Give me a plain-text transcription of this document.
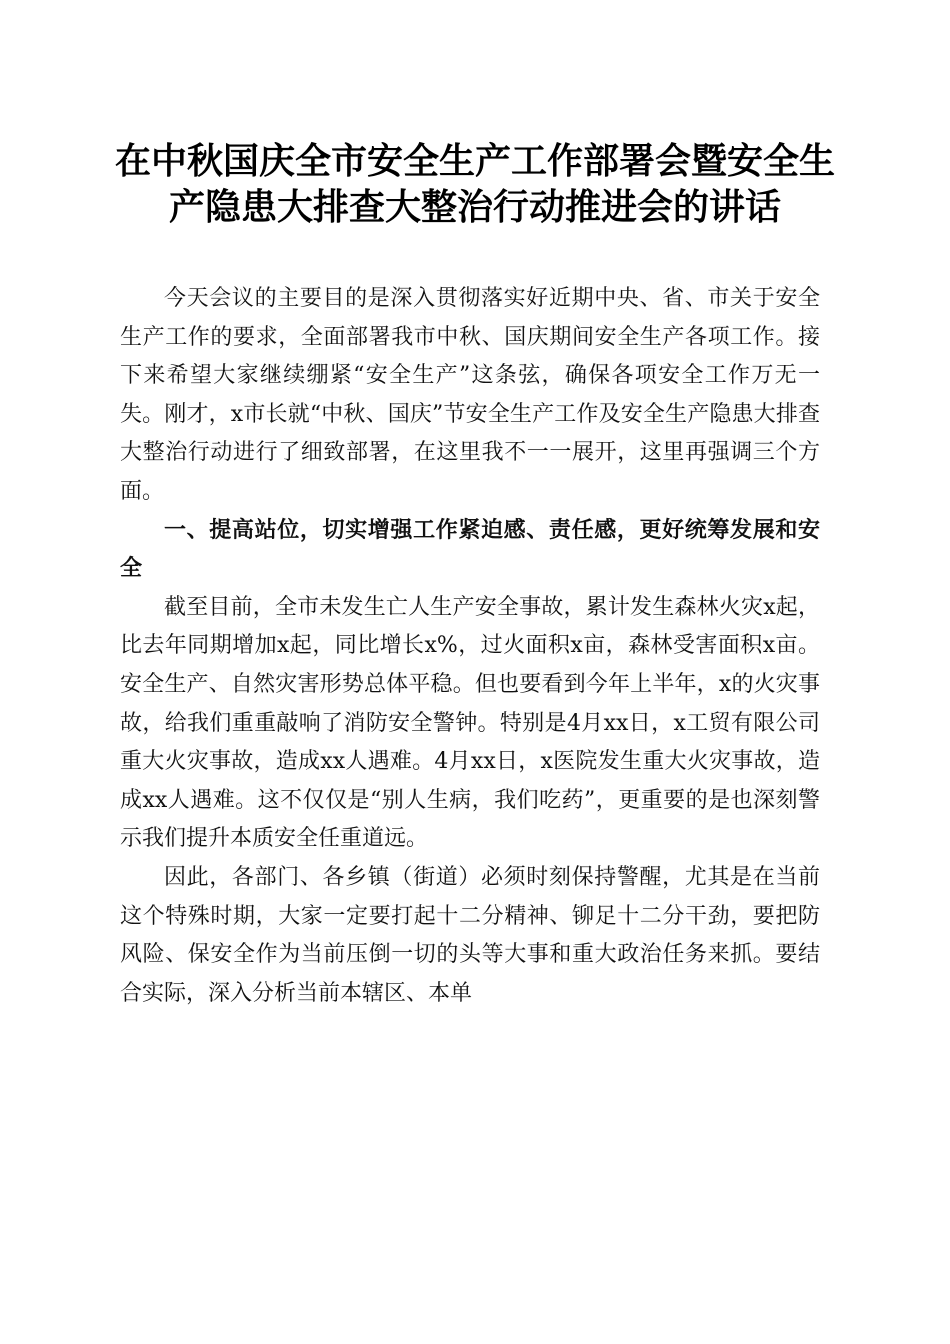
在中秋国庆全市安全生产工作部署会暨安全生
产隐患大排查大整治行动推进会的讲话

今天会议的主要目的是深入贯彻落实好近期中央、省、市关于安全生产工作的要求，全面部署我市中秋、国庆期间安全生产各项工作。接下来希望大家继续绷紧“安全生产”这条弦，确保各项安全工作万无一失。刚才，x市长就“中秋、国庆”节安全生产工作及安全生产隐患大排查大整治行动进行了细致部署，在这里我不一一展开，这里再强调三个方面。

一、提高站位，切实增强工作紧迫感、责任感，更好统筹发展和安全

截至目前，全市未发生亡人生产安全事故，累计发生森林火灾x起，比去年同期增加x起，同比增长x%，过火面积x亩，森林受害面积x亩。安全生产、自然灾害形势总体平稳。但也要看到今年上半年，x的火灾事故，给我们重重敲响了消防安全警钟。特别是4月xx日，x工贸有限公司重大火灾事故，造成xx人遇难。4月xx日，x医院发生重大火灾事故，造成xx人遇难。这不仅仅是“别人生病，我们吃药”，更重要的是也深刻警示我们提升本质安全任重道远。

因此，各部门、各乡镇（街道）必须时刻保持警醒，尤其是在当前这个特殊时期，大家一定要打起十二分精神、铆足十二分干劲，要把防风险、保安全作为当前压倒一切的头等大事和重大政治任务来抓。要结合实际，深入分析当前本辖区、本单
